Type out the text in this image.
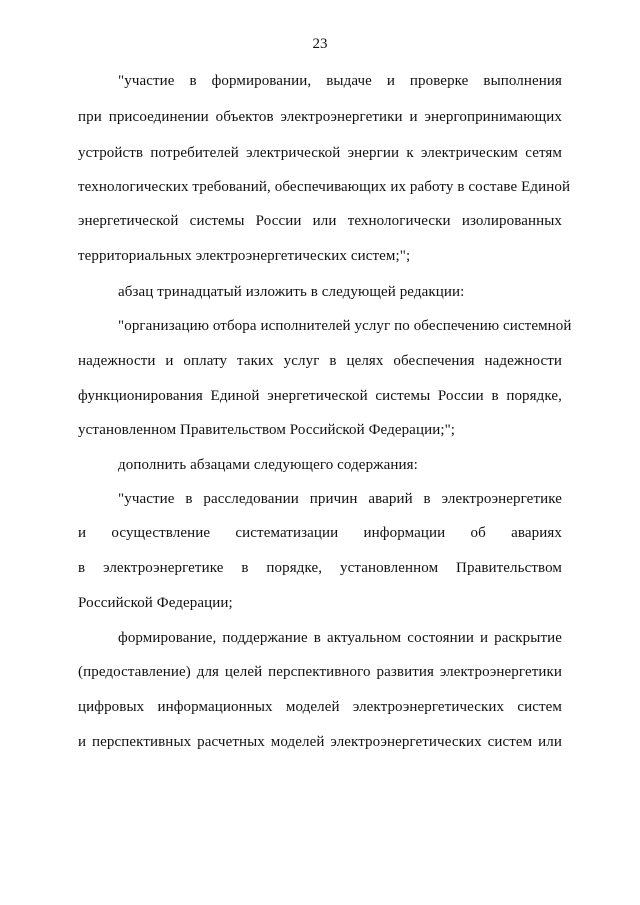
23
"участие в формировании, выдаче и проверке выполнения
при присоединении объектов электроэнергетики и энергопринимающих
устройств потребителей электрической энергии к электрическим сетям
технологических требований, обеспечивающих их работу в составе Единой
энергетической системы России или технологически изолированных
территориальных электроэнергетических систем;";
абзац тринадцатый изложить в следующей редакции:
"организацию отбора исполнителей услуг по обеспечению системной
надежности и оплату таких услуг в целях обеспечения надежности
функционирования Единой энергетической системы России в порядке,
установленном Правительством Российской Федерации;";
дополнить абзацами следующего содержания:
"участие в расследовании причин аварий в электроэнергетике
и осуществление систематизации информации об авариях
в электроэнергетике в порядке, установленном Правительством
Российской Федерации;
формирование, поддержание в актуальном состоянии и раскрытие
(предоставление) для целей перспективного развития электроэнергетики
цифровых информационных моделей электроэнергетических систем
и перспективных расчетных моделей электроэнергетических систем или
